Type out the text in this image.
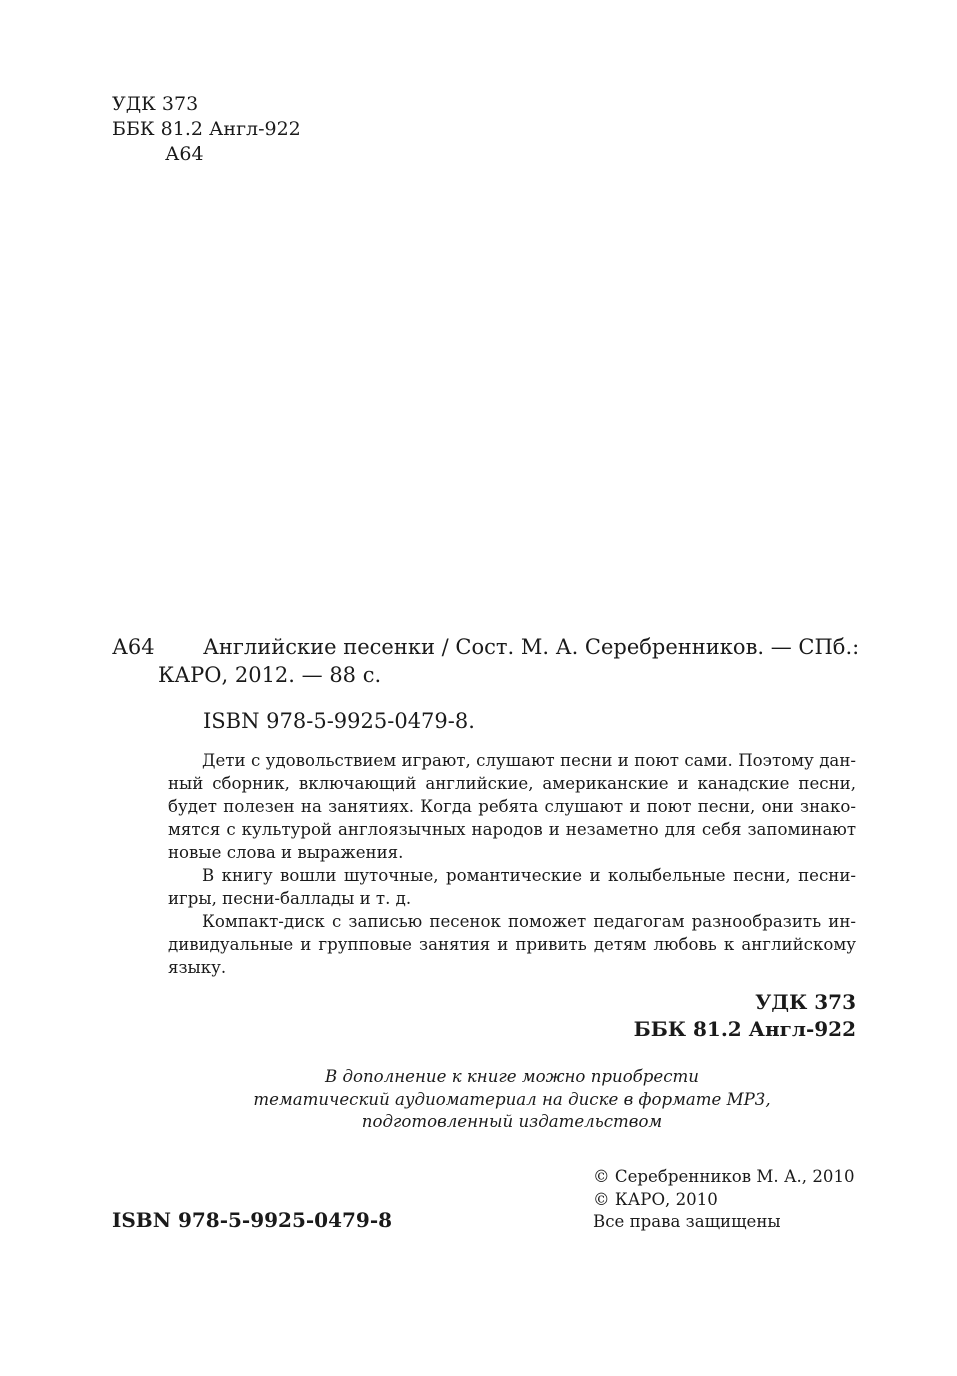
УДК 373
ББК 81.2 Англ-922
А64
А64 Английские песенки / Сост. М. А. Серебренников. — СПб.:
КАРО, 2012. — 88 с.
ISBN 978-5-9925-0479-8.
Дети с удовольствием играют, слушают песни и поют сами. Поэтому дан-
ный сборник, включающий английские, американские и канадские песни,
будет полезен на занятиях. Когда ребята слушают и поют песни, они знако-
мятся с культурой англоязычных народов и незаметно для себя запоминают
новые слова и выражения.
В книгу вошли шуточные, романтические и колыбельные песни, песни-
игры, песни-баллады и т. д.
Компакт-диск с записью песенок поможет педагогам разнообразить ин-
дивидуальные и групповые занятия и привить детям любовь к английскому
языку.
УДК 373
ББК 81.2 Англ-922
В дополнение к книге можно приобрести
тематический аудиоматериал на диске в формате MP3,
подготовленный издательством
© Серебренников М. А., 2010
© КАРО, 2010
Все права защищены
ISBN 978-5-9925-0479-8
